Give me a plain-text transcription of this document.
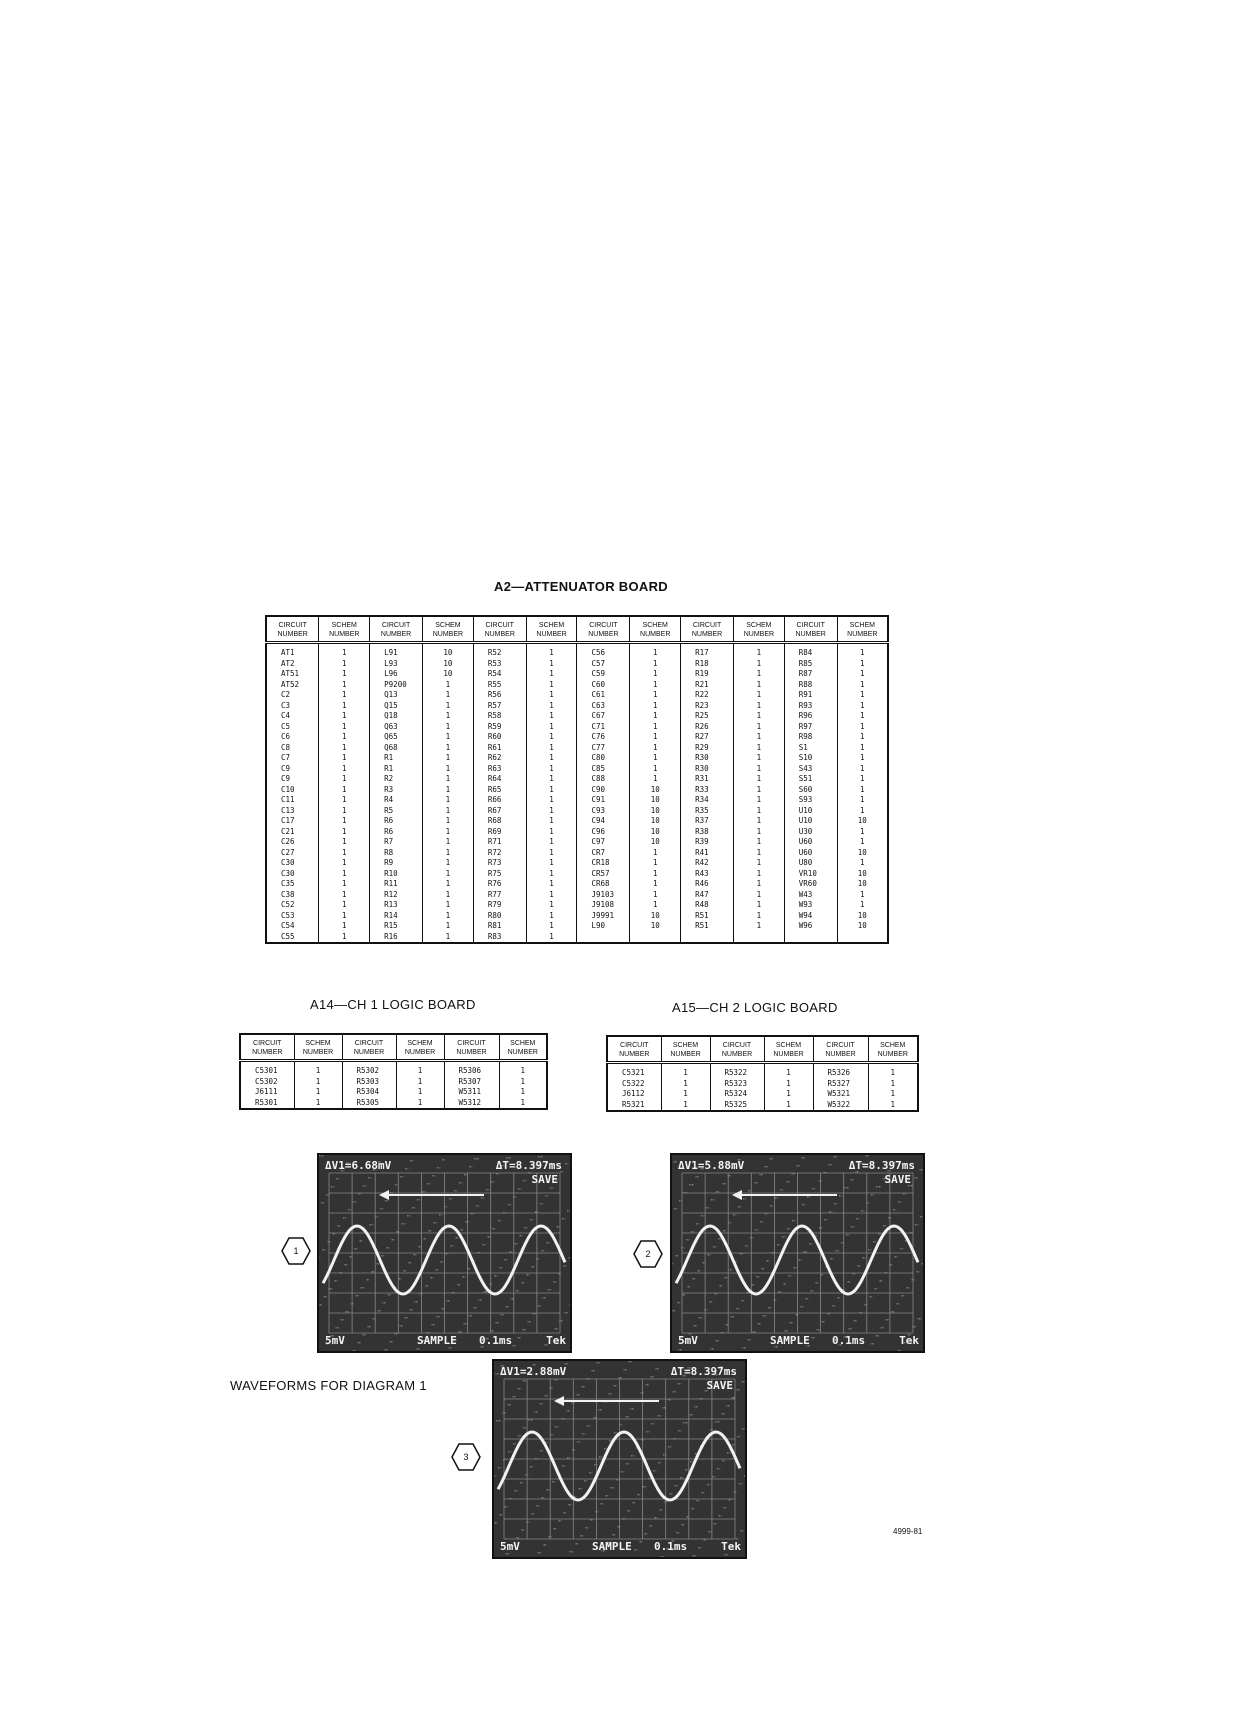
A2—ATTENUATOR BOARD
CIRCUIT NUMBER	SCHEM NUMBER	CIRCUIT NUMBER	SCHEM NUMBER	CIRCUIT NUMBER	SCHEM NUMBER	CIRCUIT NUMBER	SCHEM NUMBER	CIRCUIT NUMBER	SCHEM NUMBER	CIRCUIT NUMBER	SCHEM NUMBER
AT1	1	L91	10	R52	1	C56	1	R17	1	R84	1
AT2	1	L93	10	R53	1	C57	1	R18	1	R85	1
AT51	1	L96	10	R54	1	C59	1	R19	1	R87	1
AT52	1	P9200	1	R55	1	C60	1	R21	1	R88	1
C2	1	Q13	1	R56	1	C61	1	R22	1	R91	1
C3	1	Q15	1	R57	1	C63	1	R23	1	R93	1
C4	1	Q18	1	R58	1	C67	1	R25	1	R96	1
C5	1	Q63	1	R59	1	C71	1	R26	1	R97	1
C6	1	Q65	1	R60	1	C76	1	R27	1	R98	1
C8	1	Q68	1	R61	1	C77	1	R29	1	S1	1
C7	1	R1	1	R62	1	C80	1	R30	1	S10	1
C9	1	R1	1	R63	1	C85	1	R30	1	S43	1
C9	1	R2	1	R64	1	C88	1	R31	1	S51	1
C10	1	R3	1	R65	1	C90	10	R33	1	S60	1
C11	1	R4	1	R66	1	C91	10	R34	1	S93	1
C13	1	R5	1	R67	1	C93	10	R35	1	U10	1
C17	1	R6	1	R68	1	C94	10	R37	1	U10	10
C21	1	R6	1	R69	1	C96	10	R38	1	U30	1
C26	1	R7	1	R71	1	C97	10	R39	1	U60	1
C27	1	R8	1	R72	1	CR7	1	R41	1	U60	10
C30	1	R9	1	R73	1	CR18	1	R42	1	U80	1
C30	1	R10	1	R75	1	CR57	1	R43	1	VR10	10
C35	1	R11	1	R76	1	CR68	1	R46	1	VR60	10
C38	1	R12	1	R77	1	J9103	1	R47	1	W43	1
C52	1	R13	1	R79	1	J9108	1	R48	1	W93	1
C53	1	R14	1	R80	1	J9991	10	R51	1	W94	10
C54	1	R15	1	R81	1	L90	10	R51	1	W96	10
C55	1	R16	1	R83	1						
A14—CH 1 LOGIC BOARD
CIRCUIT NUMBER	SCHEM NUMBER	CIRCUIT NUMBER	SCHEM NUMBER	CIRCUIT NUMBER	SCHEM NUMBER
C5301	1	R5302	1	R5306	1
C5302	1	R5303	1	R5307	1
J6111	1	R5304	1	W5311	1
R5301	1	R5305	1	W5312	1
A15—CH 2 LOGIC BOARD
CIRCUIT NUMBER	SCHEM NUMBER	CIRCUIT NUMBER	SCHEM NUMBER	CIRCUIT NUMBER	SCHEM NUMBER
C5321	1	R5322	1	R5326	1
C5322	1	R5323	1	R5327	1
J6112	1	R5324	1	W5321	1
R5321	1	R5325	1	W5322	1
1
ΔV1=6.68mV	ΔT=8.397ms
SAVE
5mV	SAMPLE 0.1ms	Tek
2
ΔV1=5.88mV	ΔT=8.397ms
SAVE
5mV	SAMPLE 0.1ms	Tek
WAVEFORMS FOR DIAGRAM 1
3
ΔV1=2.88mV	ΔT=8.397ms
SAVE
5mV	SAMPLE 0.1ms	Tek
4999-81
